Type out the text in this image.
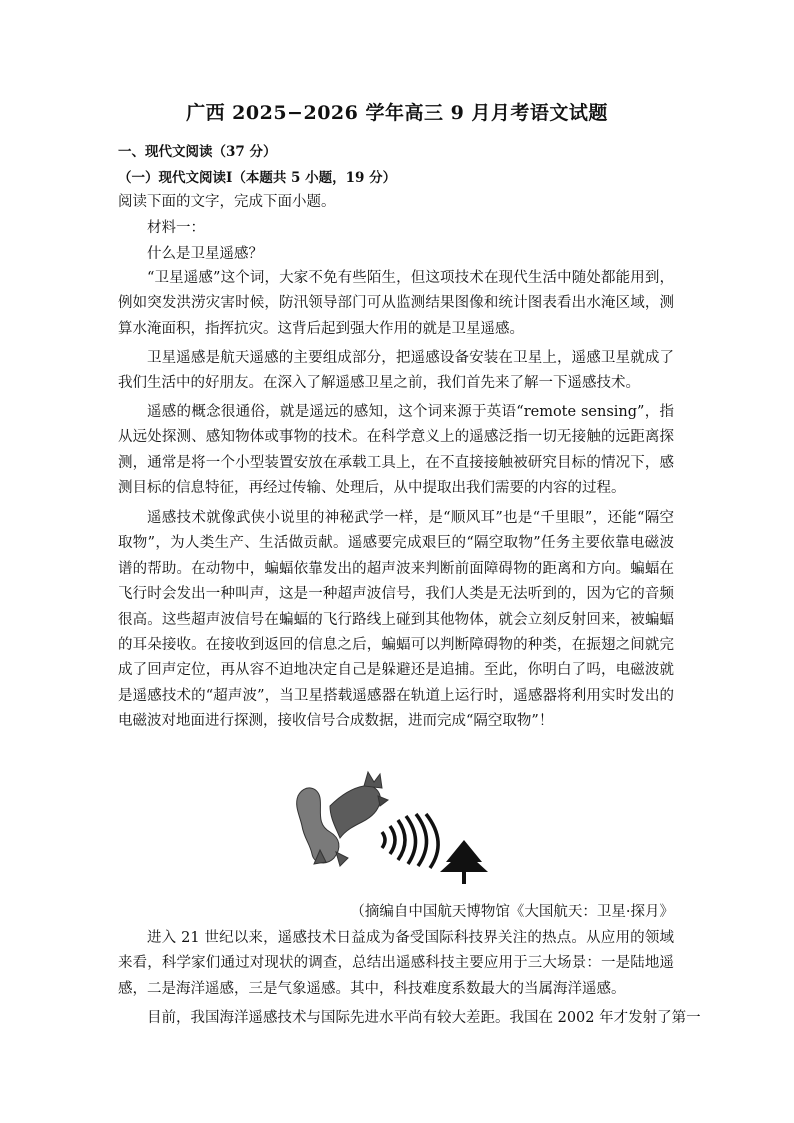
广西 2025−2026 学年高三 9 月月考语文试题
一、现代文阅读（37 分）
（一）现代文阅读Ⅰ（本题共 5 小题，19 分）
阅读下面的文字，完成下面小题。
材料一：
什么是卫星遥感？

“卫星遥感”这个词，大家不免有些陌生，但这项技术在现代生活中随处都能用到，例如突发洪涝灾害时候，防汛领导部门可从监测结果图像和统计图表看出水淹区域，测算水淹面积，指挥抗灾。这背后起到强大作用的就是卫星遥感。

卫星遥感是航天遥感的主要组成部分，把遥感设备安装在卫星上，遥感卫星就成了我们生活中的好朋友。在深入了解遥感卫星之前，我们首先来了解一下遥感技术。

遥感的概念很通俗，就是遥远的感知，这个词来源于英语“remote sensing”，指从远处探测、感知物体或事物的技术。在科学意义上的遥感泛指一切无接触的远距离探测，通常是将一个小型装置安放在承载工具上，在不直接接触被研究目标的情况下，感测目标的信息特征，再经过传输、处理后，从中提取出我们需要的内容的过程。

遥感技术就像武侠小说里的神秘武学一样，是“顺风耳”也是“千里眼”，还能“隔空取物”，为人类生产、生活做贡献。遥感要完成艰巨的“隔空取物”任务主要依靠电磁波谱的帮助。在动物中，蝙蝠依靠发出的超声波来判断前面障碍物的距离和方向。蝙蝠在飞行时会发出一种叫声，这是一种超声波信号，我们人类是无法听到的，因为它的音频很高。这些超声波信号在蝙蝠的飞行路线上碰到其他物体，就会立刻反射回来，被蝙蝠的耳朵接收。在接收到返回的信息之后，蝙蝠可以判断障碍物的种类，在振翅之间就完成了回声定位，再从容不迫地决定自己是躲避还是追捕。至此，你明白了吗，电磁波就是遥感技术的“超声波”，当卫星搭载遥感器在轨道上运行时，遥感器将利用实时发出的电磁波对地面进行探测，接收信号合成数据，进而完成“隔空取物”！

（摘编自中国航天博物馆《大国航天：卫星·探月》

进入 21 世纪以来，遥感技术日益成为备受国际科技界关注的热点。从应用的领域来看，科学家们通过对现状的调查，总结出遥感科技主要应用于三大场景：一是陆地遥感，二是海洋遥感，三是气象遥感。其中，科技难度系数最大的当属海洋遥感。

目前，我国海洋遥感技术与国际先进水平尚有较大差距。我国在 2002 年才发射了第一
